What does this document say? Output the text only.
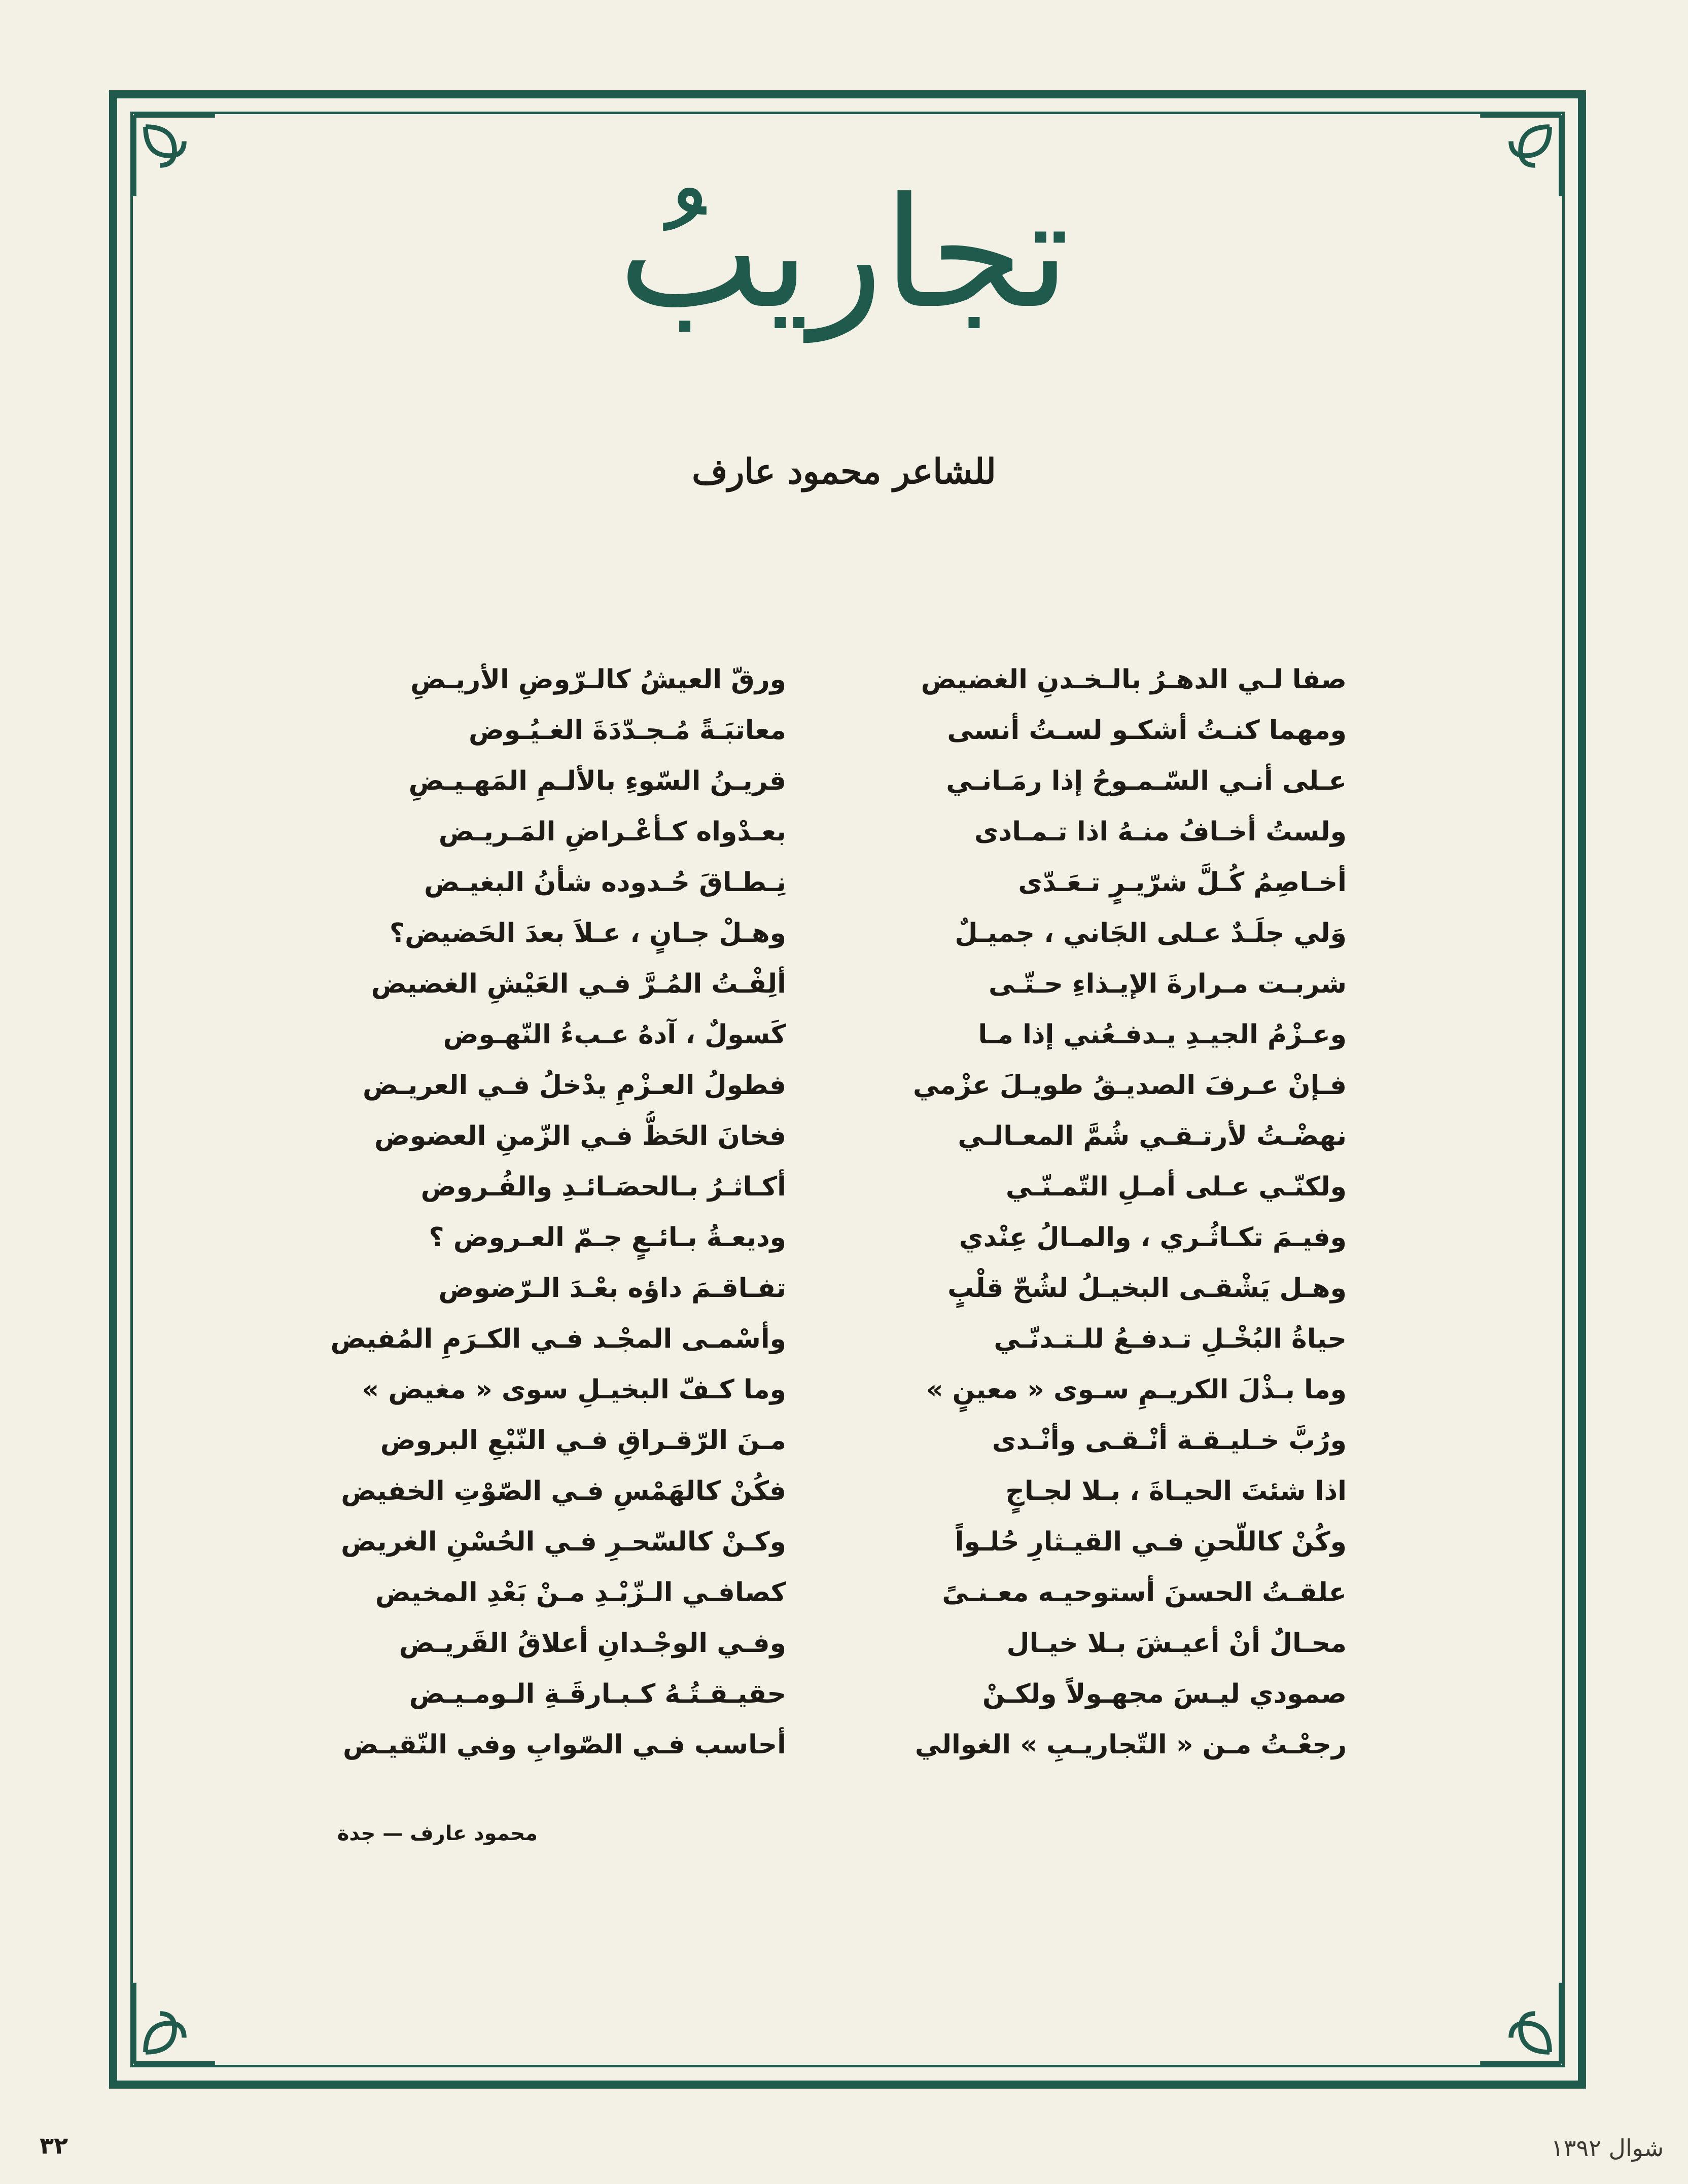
تجاريبُ
للشاعر محمود عارف
صفا لـي الدهـرُ بالـخـدنِ الغضيض
ومهما كنـتُ أشكـو لسـتُ أنسى
عـلى أنـي السّـمـوحُ إذا رمَـانـي
ولستُ أخـافُ منـهُ اذا تـمـادى
أخـاصِمُ كُـلَّ شرّيـرٍ تـعَـدّى
وَلي جلَـدٌ عـلى الجَاني ، جميـلٌ
شربـت مـرارةَ الإيـذاءِ حـتّـى
وعـزْمُ الجيـدِ يـدفـعُني إذا مـا
فـإنْ عـرفَ الصديـقُ طويـلَ عزْمي
نهضْـتُ لأرتـقـي شُمَّ المعـالـي
ولكنّـي عـلى أمـلِ التّمـنّـي
وفيـمَ تكـاثُـري ، والمـالُ عِنْدي
وهـل يَشْقـى البخيـلُ لشُحّ قلْبٍ
حياةُ البُخْـلِ تـدفـعُ للـتـدنّـي
وما بـذْلَ الكريـمِ سـوى « معينٍ »
ورُبَّ خـليـقـة أنْـقـى وأنْـدى
اذا شئتَ الحيـاةَ ، بـلا لجـاجٍ
وكُنْ كاللّحنِ فـي القيـثارِ حُلـواً
علقـتُ الحسنَ أستوحيـه معـنـىً
محـالٌ أنْ أعيـشَ بـلا خيـال
صمودي ليـسَ مجهـولاً ولكـنْ
رجعْـتُ مـن « التّجاريـبِ » الغوالي
ورقّ العيشُ كالـرّوضِ الأريـضِ
معاتبَـةً مُـجـدّدَةَ الغـيُـوض
قريـنُ السّوءِ بالألـمِ المَهـيـضِ
بعـدْواه كـأعْـراضِ المَـريـض
نِـطـاقَ حُـدوده شأنُ البغيـض
وهـلْ جـانٍ ، عـلاَ بعدَ الحَضيض؟
ألِفْـتُ المُـرَّ فـي العَيْشِ الغضيض
كَسولٌ ، آدهُ عـبءُ النّهـوض
فطولُ العـزْمِ يدْخلُ فـي العريـض
فخانَ الحَظُّ فـي الزّمنِ العضوض
أكـاثـرُ بـالحصَـائـدِ والفُـروض
وديعـةُ بـائـعٍ جـمّ العـروض ؟
تفـاقـمَ داؤه بعْـدَ الـرّضوض
وأسْمـى المجْـد فـي الكـرَمِ المُفيض
وما كـفّ البخيـلِ سوى « مغيض »
مـنَ الرّقـراقِ فـي النّبْعِ البروض
فكُنْ كالهَمْسِ فـي الصّوْتِ الخفيض
وكـنْ كالسّحـرِ فـي الحُسْنِ الغريض
كصافـي الـزّبْـدِ مـنْ بَعْدِ المخيض
وفـي الوجْـدانِ أعلاقُ القَريـض
حقيـقـتُـهُ كـبـارقَـةِ الـومـيـض
أحاسب فـي الصّوابِ وفي النّقيـض
محمود عارف — جدة
٣٢	شوال ١٣٩٢
